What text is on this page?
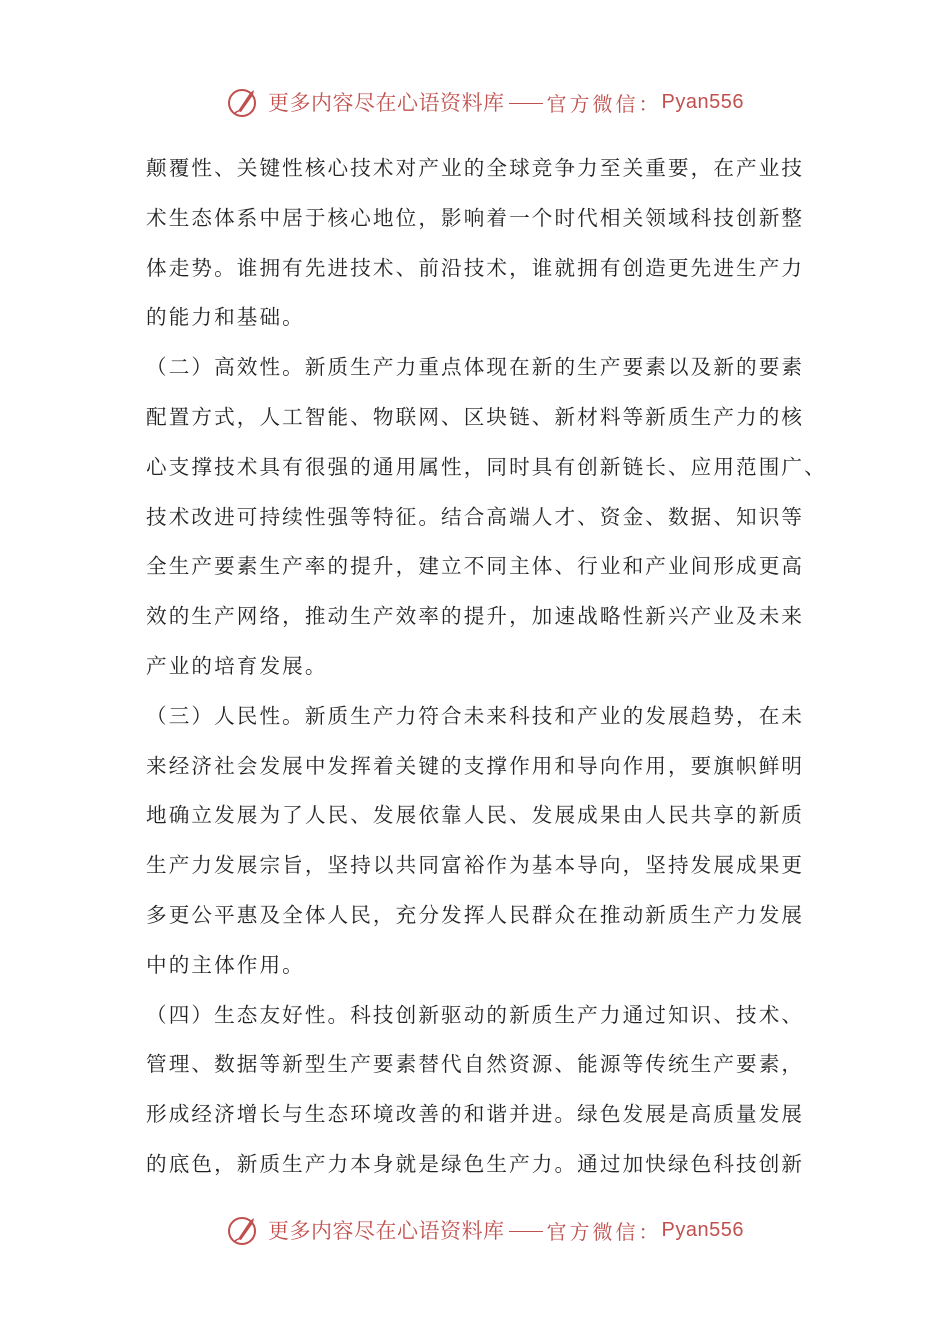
更多内容尽在心语资料库 官方微信： Pyan556

颠覆性、关键性核心技术对产业的全球竞争力至关重要，在产业技

术生态体系中居于核心地位，影响着一个时代相关领域科技创新整

体走势。谁拥有先进技术、前沿技术，谁就拥有创造更先进生产力

的能力和基础。

（二）高效性。新质生产力重点体现在新的生产要素以及新的要素

配置方式，人工智能、物联网、区块链、新材料等新质生产力的核

心支撑技术具有很强的通用属性，同时具有创新链长、应用范围广、

技术改进可持续性强等特征。结合高端人才、资金、数据、知识等

全生产要素生产率的提升，建立不同主体、行业和产业间形成更高

效的生产网络，推动生产效率的提升，加速战略性新兴产业及未来

产业的培育发展。

（三）人民性。新质生产力符合未来科技和产业的发展趋势，在未

来经济社会发展中发挥着关键的支撑作用和导向作用，要旗帜鲜明

地确立发展为了人民、发展依靠人民、发展成果由人民共享的新质

生产力发展宗旨，坚持以共同富裕作为基本导向，坚持发展成果更

多更公平惠及全体人民，充分发挥人民群众在推动新质生产力发展

中的主体作用。

（四）生态友好性。科技创新驱动的新质生产力通过知识、技术、

管理、数据等新型生产要素替代自然资源、能源等传统生产要素，

形成经济增长与生态环境改善的和谐并进。绿色发展是高质量发展

的底色，新质生产力本身就是绿色生产力。通过加快绿色科技创新

更多内容尽在心语资料库 官方微信： Pyan556
